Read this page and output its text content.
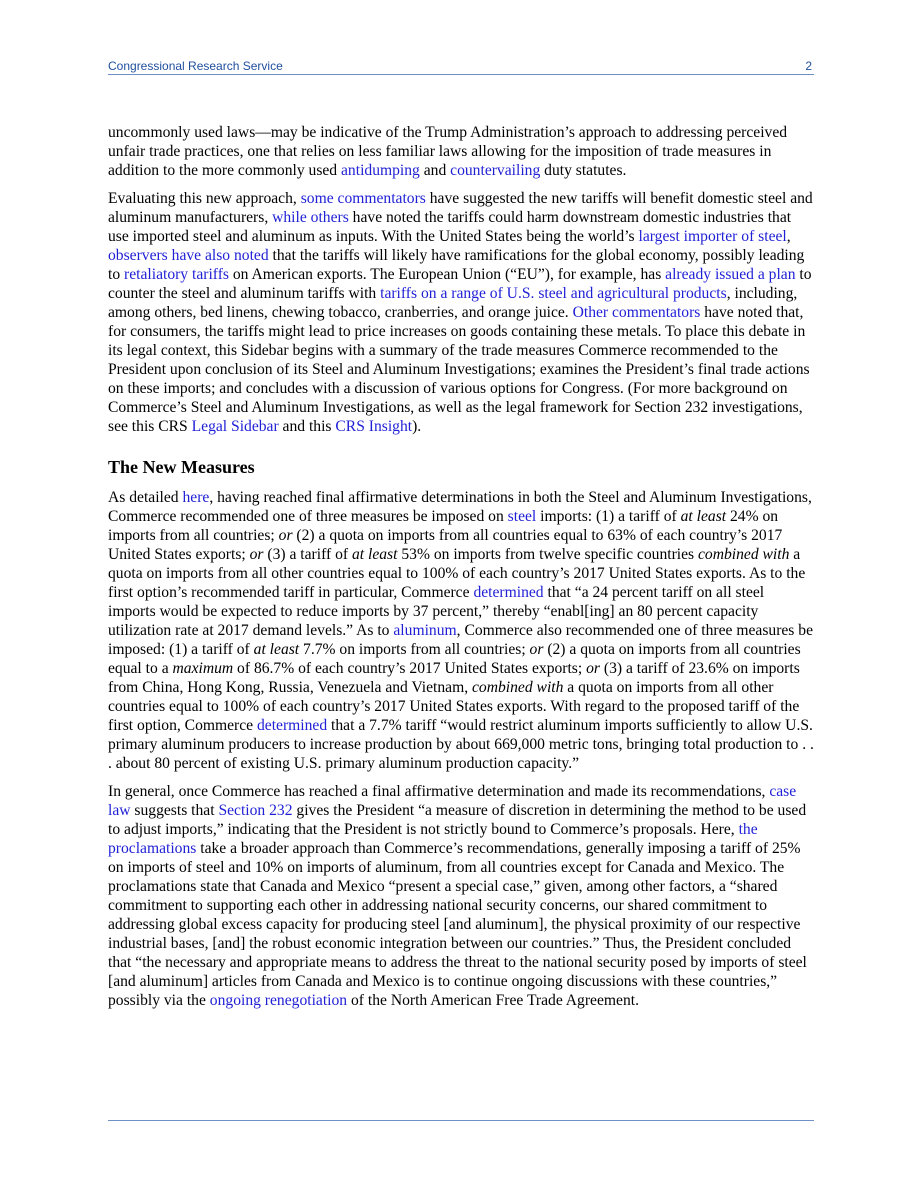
Congressional Research Service	2

uncommonly used laws—may be indicative of the Trump Administration’s approach to addressing perceived unfair trade practices, one that relies on less familiar laws allowing for the imposition of trade measures in addition to the more commonly used antidumping and countervailing duty statutes.

Evaluating this new approach, some commentators have suggested the new tariffs will benefit domestic steel and aluminum manufacturers, while others have noted the tariffs could harm downstream domestic industries that use imported steel and aluminum as inputs. With the United States being the world’s largest importer of steel, observers have also noted that the tariffs will likely have ramifications for the global economy, possibly leading to retaliatory tariffs on American exports. The European Union (“EU”), for example, has already issued a plan to counter the steel and aluminum tariffs with tariffs on a range of U.S. steel and agricultural products, including, among others, bed linens, chewing tobacco, cranberries, and orange juice. Other commentators have noted that, for consumers, the tariffs might lead to price increases on goods containing these metals. To place this debate in its legal context, this Sidebar begins with a summary of the trade measures Commerce recommended to the President upon conclusion of its Steel and Aluminum Investigations; examines the President’s final trade actions on these imports; and concludes with a discussion of various options for Congress. (For more background on Commerce’s Steel and Aluminum Investigations, as well as the legal framework for Section 232 investigations, see this CRS Legal Sidebar and this CRS Insight).

The New Measures

As detailed here, having reached final affirmative determinations in both the Steel and Aluminum Investigations, Commerce recommended one of three measures be imposed on steel imports: (1) a tariff of at least 24% on imports from all countries; or (2) a quota on imports from all countries equal to 63% of each country’s 2017 United States exports; or (3) a tariff of at least 53% on imports from twelve specific countries combined with a quota on imports from all other countries equal to 100% of each country’s 2017 United States exports. As to the first option’s recommended tariff in particular, Commerce determined that “a 24 percent tariff on all steel imports would be expected to reduce imports by 37 percent,” thereby “enabl[ing] an 80 percent capacity utilization rate at 2017 demand levels.” As to aluminum, Commerce also recommended one of three measures be imposed: (1) a tariff of at least 7.7% on imports from all countries; or (2) a quota on imports from all countries equal to a maximum of 86.7% of each country’s 2017 United States exports; or (3) a tariff of 23.6% on imports from China, Hong Kong, Russia, Venezuela and Vietnam, combined with a quota on imports from all other countries equal to 100% of each country’s 2017 United States exports. With regard to the proposed tariff of the first option, Commerce determined that a 7.7% tariff “would restrict aluminum imports sufficiently to allow U.S. primary aluminum producers to increase production by about 669,000 metric tons, bringing total production to . . . about 80 percent of existing U.S. primary aluminum production capacity.”

In general, once Commerce has reached a final affirmative determination and made its recommendations, case law suggests that Section 232 gives the President “a measure of discretion in determining the method to be used to adjust imports,” indicating that the President is not strictly bound to Commerce’s proposals. Here, the proclamations take a broader approach than Commerce’s recommendations, generally imposing a tariff of 25% on imports of steel and 10% on imports of aluminum, from all countries except for Canada and Mexico. The proclamations state that Canada and Mexico “present a special case,” given, among other factors, a “shared commitment to supporting each other in addressing national security concerns, our shared commitment to addressing global excess capacity for producing steel [and aluminum], the physical proximity of our respective industrial bases, [and] the robust economic integration between our countries.” Thus, the President concluded that “the necessary and appropriate means to address the threat to the national security posed by imports of steel [and aluminum] articles from Canada and Mexico is to continue ongoing discussions with these countries,” possibly via the ongoing renegotiation of the North American Free Trade Agreement.
